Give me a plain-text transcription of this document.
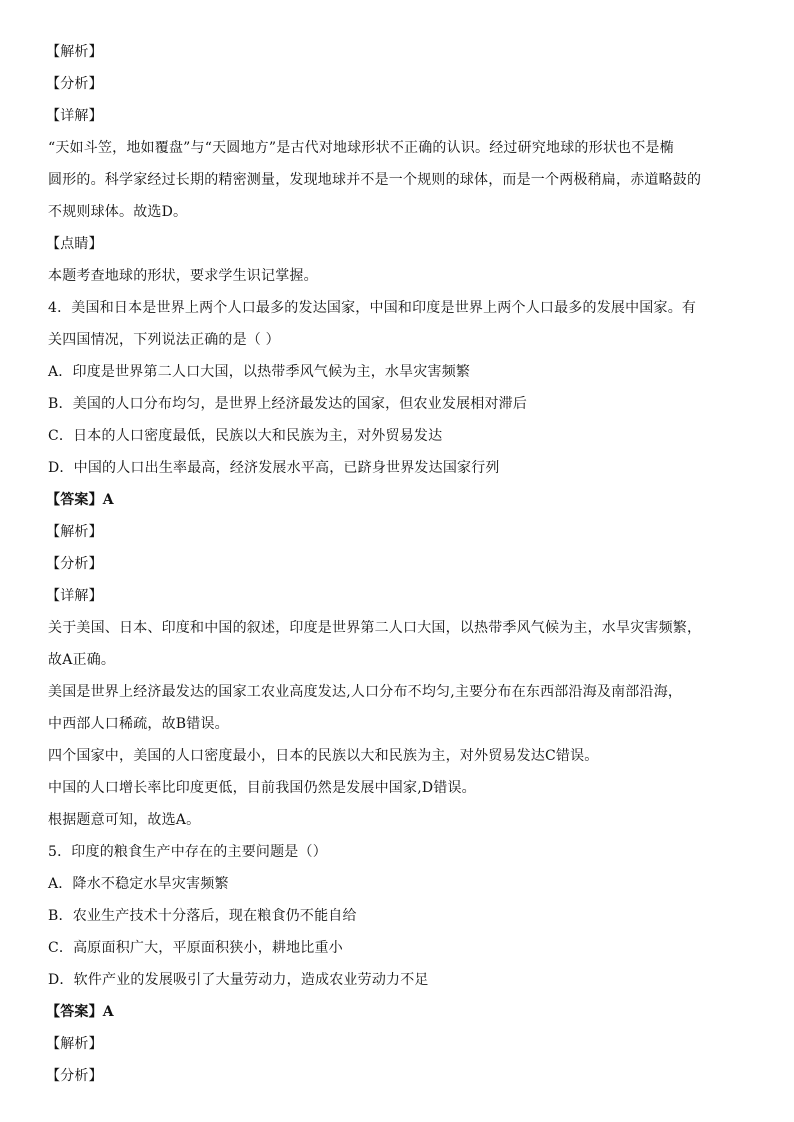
【解析】
【分析】
【详解】
“天如斗笠，地如覆盘”与“天圆地方”是古代对地球形状不正确的认识。经过研究地球的形状也不是椭
圆形的。科学家经过长期的精密测量，发现地球并不是一个规则的球体，而是一个两极稍扁，赤道略鼓的
不规则球体。故选D。
【点睛】
本题考查地球的形状，要求学生识记掌握。
4．美国和日本是世界上两个人口最多的发达国家，中国和印度是世界上两个人口最多的发展中国家。有
关四国情况，下列说法正确的是（ ）
A．印度是世界第二人口大国，以热带季风气候为主，水旱灾害频繁
B．美国的人口分布均匀，是世界上经济最发达的国家，但农业发展相对滞后
C．日本的人口密度最低，民族以大和民族为主，对外贸易发达
D．中国的人口出生率最高，经济发展水平高，已跻身世界发达国家行列
【答案】A
【解析】
【分析】
【详解】
关于美国、日本、印度和中国的叙述，印度是世界第二人口大国，以热带季风气候为主，水旱灾害频繁，
故A正确。
美国是世界上经济最发达的国家工农业高度发达,人口分布不均匀,主要分布在东西部沿海及南部沿海，
中西部人口稀疏，故B错误。
四个国家中，美国的人口密度最小，日本的民族以大和民族为主，对外贸易发达C错误。
中国的人口增长率比印度更低，目前我国仍然是发展中国家,D错误。
根据题意可知，故选A。
5．印度的粮食生产中存在的主要问题是（）
A．降水不稳定水旱灾害频繁
B．农业生产技术十分落后，现在粮食仍不能自给
C．高原面积广大，平原面积狭小，耕地比重小
D．软件产业的发展吸引了大量劳动力，造成农业劳动力不足
【答案】A
【解析】
【分析】
